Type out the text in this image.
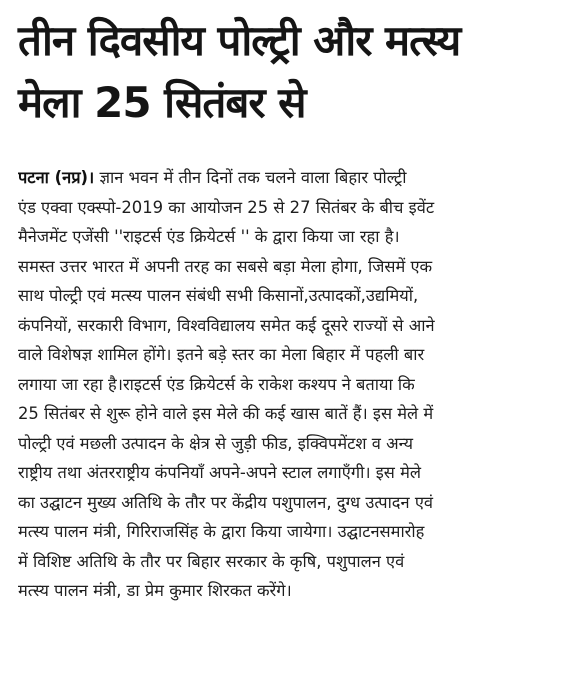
तीन दिवसीय पोल्ट्री और मत्स्य
मेला 25 सितंबर से
पटना (नप्र)। ज्ञान भवन में तीन दिनों तक चलने वाला बिहार पोल्ट्री
एंड एक्वा एक्स्पो-2019 का आयोजन 25 से 27 सितंबर के बीच इवेंट
मैनेजमेंट एजेंसी ''राइटर्स एंड क्रियेटर्स '' के द्वारा किया जा रहा है।
समस्त उत्तर भारत में अपनी तरह का सबसे बड़ा मेला होगा, जिसमें एक
साथ पोल्ट्री एवं मत्स्य पालन संबंधी सभी किसानों,उत्पादकों,उद्यमियों,
कंपनियों, सरकारी विभाग, विश्वविद्यालय समेत कई दूसरे राज्यों से आने
वाले विशेषज्ञ शामिल होंगे। इतने बड़े स्तर का मेला बिहार में पहली बार
लगाया जा रहा है।राइटर्स एंड क्रियेटर्स के राकेश कश्यप ने बताया कि
25 सितंबर से शुरू होने वाले इस मेले की कई खास बातें हैं। इस मेले में
पोल्ट्री एवं मछली उत्पादन के क्षेत्र से जुड़ी फीड, इक्विपमेंटश व अन्य
राष्ट्रीय तथा अंतरराष्ट्रीय कंपनियाँ अपने-अपने स्टाल लगाएँगी। इस मेले
का उद्घाटन मुख्य अतिथि के तौर पर केंद्रीय पशुपालन, दुग्ध उत्पादन एवं
मत्स्य पालन मंत्री, गिरिराजसिंह के द्वारा किया जायेगा। उद्घाटनसमारोह
में विशिष्ट अतिथि के तौर पर बिहार सरकार के कृषि, पशुपालन एवं
मत्स्य पालन मंत्री, डा प्रेम कुमार शिरकत करेंगे।
